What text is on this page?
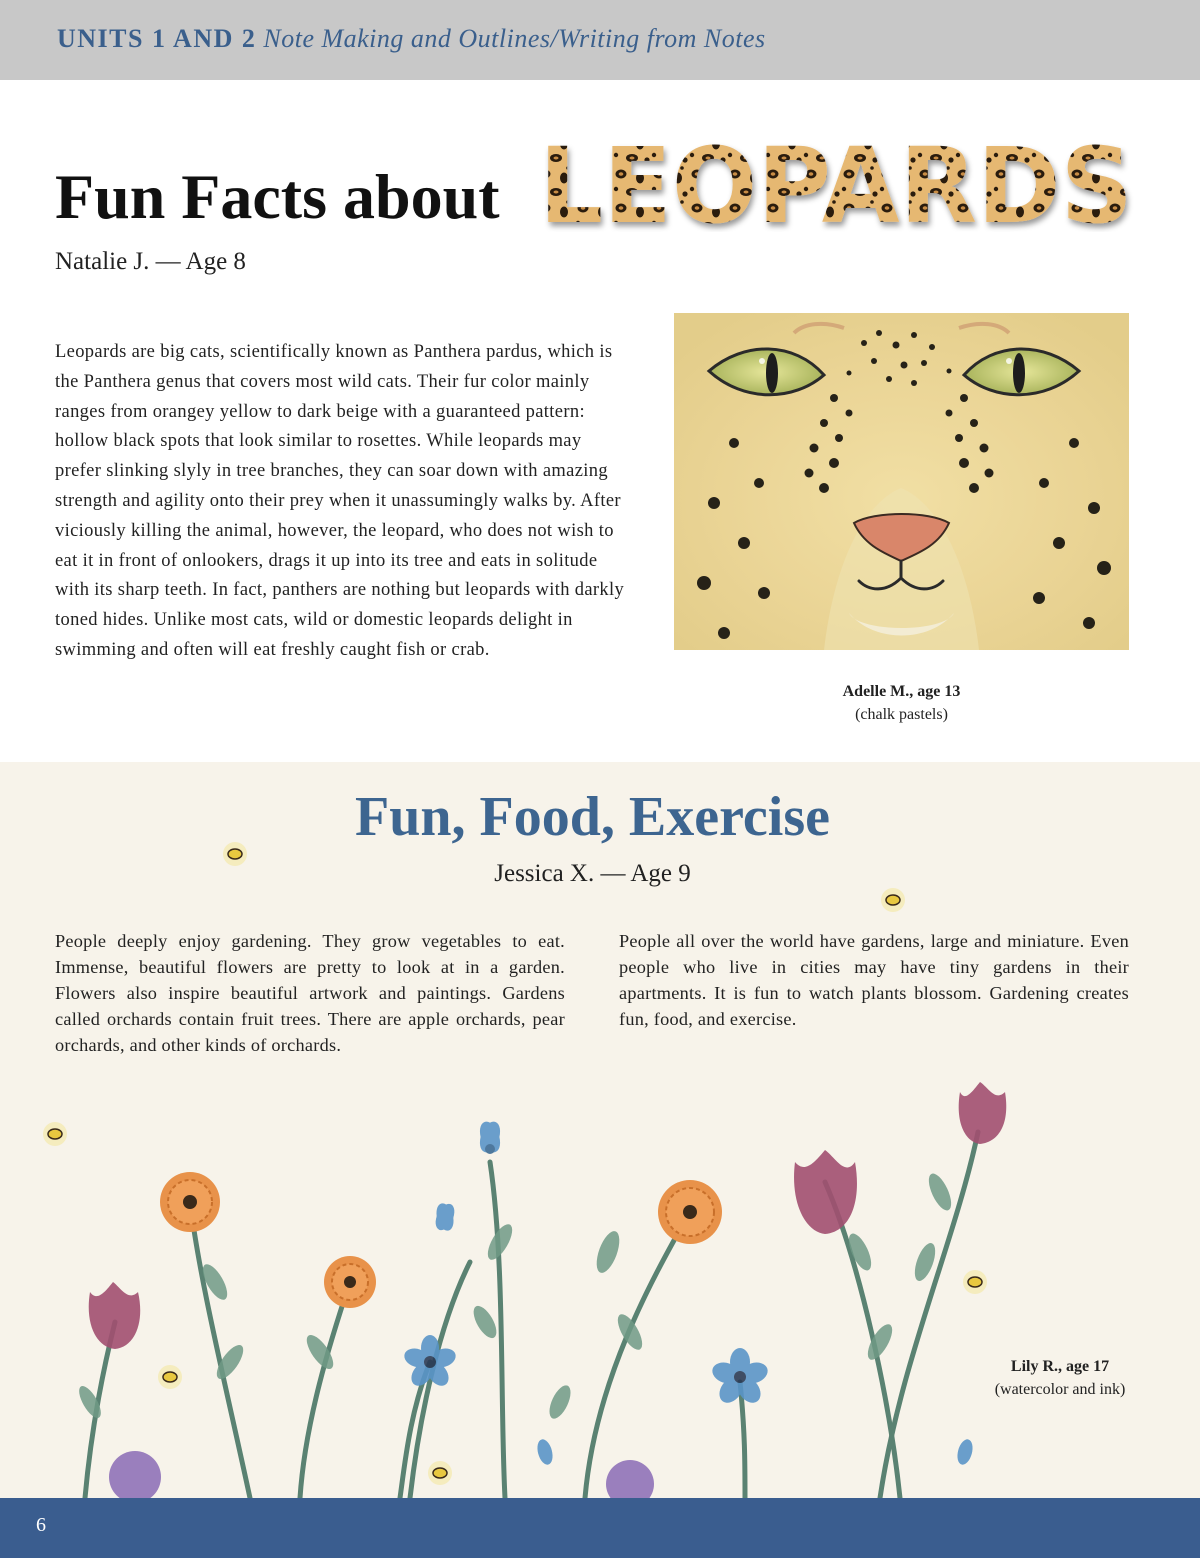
UNITS 1 AND 2 Note Making and Outlines/Writing from Notes
Fun Facts about LEOPARDS
Natalie J. — Age 8

Leopards are big cats, scientifically known as Panthera pardus, which is the Panthera genus that covers most wild cats. Their fur color mainly ranges from orangey yellow to dark beige with a guaranteed pattern: hollow black spots that look similar to rosettes. While leopards may prefer slinking slyly in tree branches, they can soar down with amazing strength and agility onto their prey when it unassumingly walks by. After viciously killing the animal, however, the leopard, who does not wish to eat it in front of onlookers, drags it up into its tree and eats in solitude with its sharp teeth. In fact, panthers are nothing but leopards with darkly toned hides. Unlike most cats, wild or domestic leopards delight in swimming and often will eat freshly caught fish or crab.

Adelle M., age 13
(chalk pastels)
Fun, Food, Exercise
Jessica X. — Age 9

People deeply enjoy gardening. They grow vegetables to eat. Immense, beautiful flowers are pretty to look at in a garden. Flowers also inspire beautiful artwork and paintings. Gardens called orchards contain fruit trees. There are apple orchards, pear orchards, and other kinds of orchards.

People all over the world have gardens, large and miniature. Even people who live in cities may have tiny gardens in their apartments. It is fun to watch plants blossom. Gardening creates fun, food, and exercise.

Lily R., age 17
(watercolor and ink)
6
